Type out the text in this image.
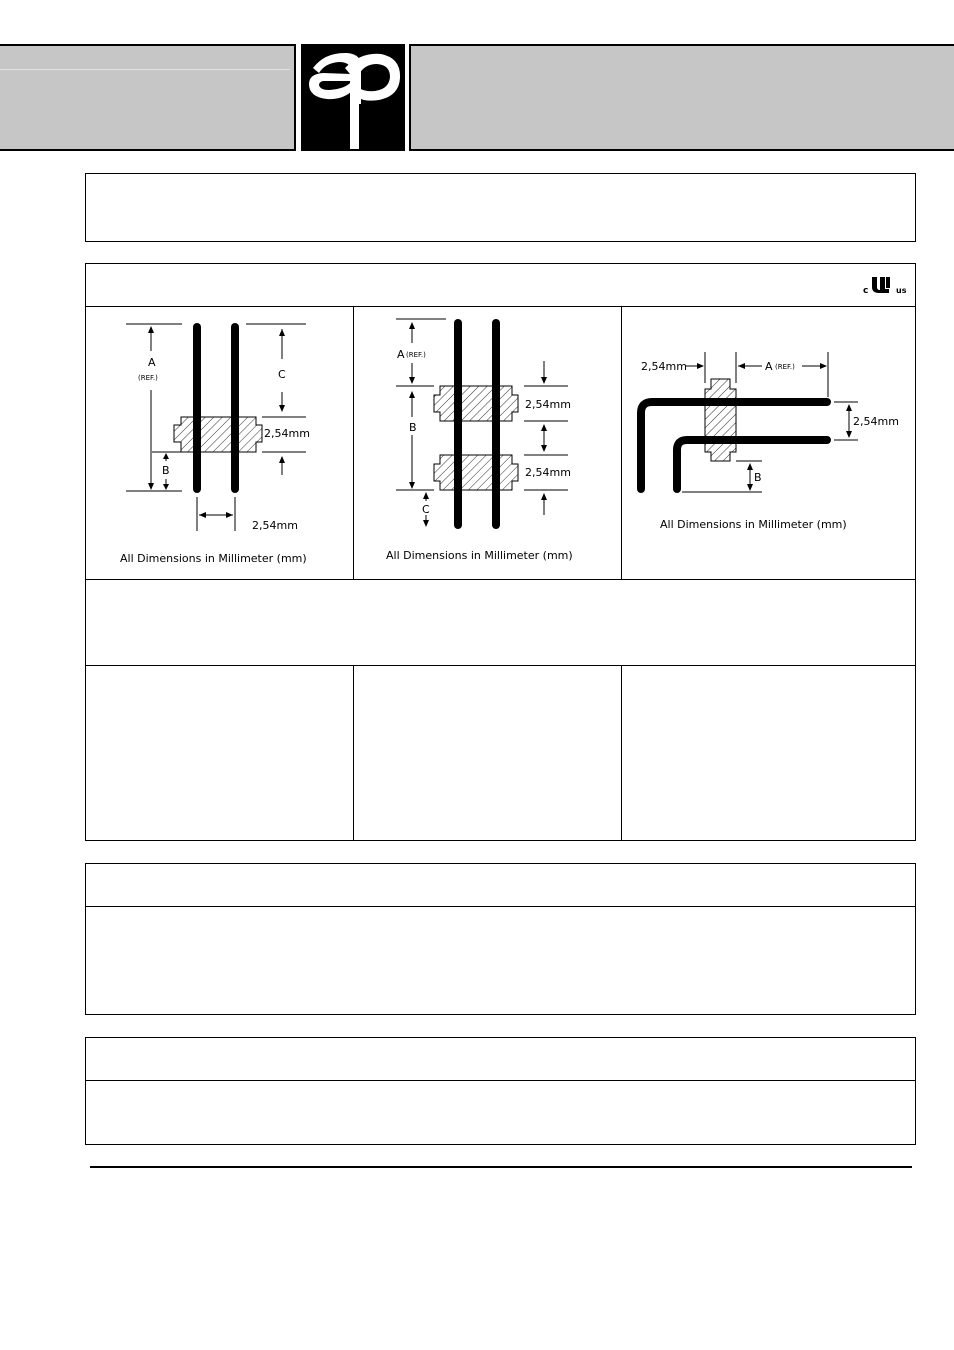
c	us
A
(REF.)
B
C
2,54mm
2,54mm
All Dimensions in Millimeter (mm)
A (REF.)
B
C
2,54mm
2,54mm
All Dimensions in Millimeter (mm)
2,54mm	A (REF.)
2,54mm
B
All Dimensions in Millimeter (mm)
